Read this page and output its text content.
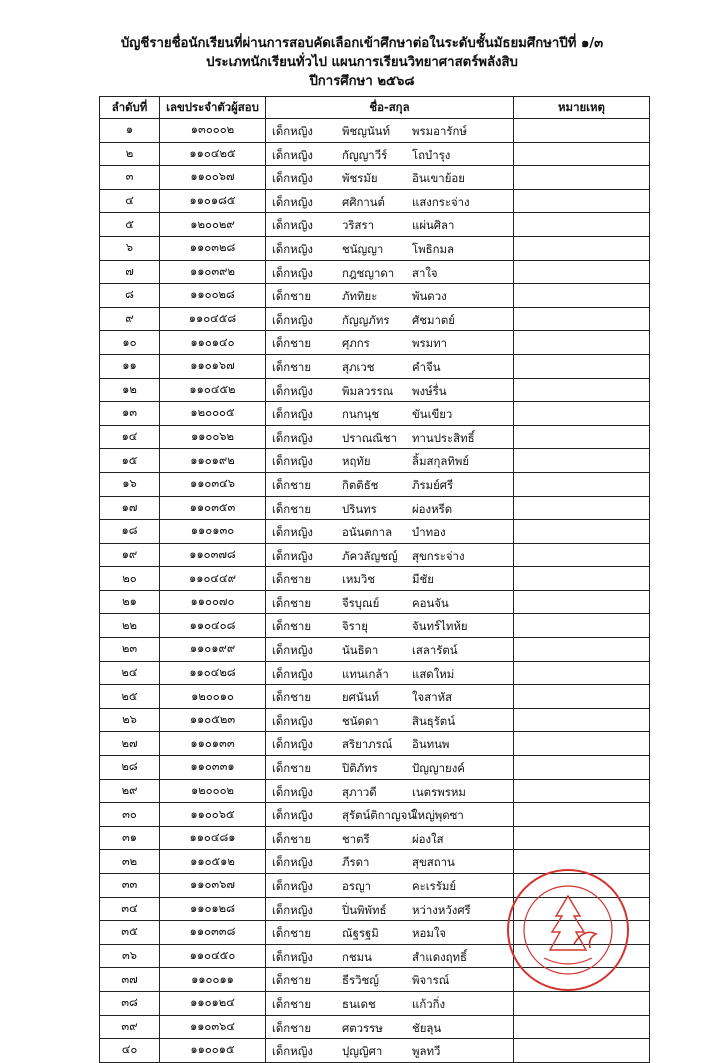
บัญชีรายชื่อนักเรียนที่ผ่านการสอบคัดเลือกเข้าศึกษาต่อในระดับชั้นมัธยมศึกษาปีที่ ๑/๓
ประเภทนักเรียนทั่วไป แผนการเรียนวิทยาศาสตร์พลังสิบ
ปีการศึกษา ๒๕๖๘
ลำดับที่	เลขประจำตัวผู้สอบ	ชื่อ-สกุล	หมายเหตุ
๑	๑๓๐๐๐๒	เด็กหญิง พิชญนันท์ พรมอารักษ์	

๒	๑๑๐๔๒๕	เด็กหญิง กัญญาวีร์ โถบำรุง	

๓	๑๑๐๐๖๗	เด็กหญิง พัชรมัย อินเขาย้อย	

๔	๑๑๐๑๘๕	เด็กหญิง ศศิกานต์ แสงกระจ่าง	

๕	๑๒๐๐๒๙	เด็กหญิง วริสรา แผ่นศิลา	

๖	๑๑๐๓๒๘	เด็กหญิง ชนัญญา โพธิกมล	

๗	๑๑๐๓๙๒	เด็กหญิง กฎชญาดา สาใจ	

๘	๑๑๐๐๒๘	เด็กชาย ภัททิยะ พันดวง	

๙	๑๑๐๔๕๘	เด็กหญิง กัญญภัทร ศัชมาตย์	

๑๐	๑๑๐๑๔๐	เด็กชาย ศุภกร พรมทา	

๑๑	๑๑๐๑๖๗	เด็กชาย สุภเวช คำจีน	

๑๒	๑๑๐๔๕๒	เด็กหญิง พิมลวรรณ พงษ์รื่น	

๑๓	๑๒๐๐๐๕	เด็กหญิง กนกนุช ขันเขียว	

๑๔	๑๑๐๐๖๒	เด็กหญิง ปราณณิชา ทานประสิทธิ์	

๑๕	๑๑๐๑๙๒	เด็กหญิง หฤทัย ลิ้มสกุลทิพย์	

๑๖	๑๑๐๓๔๖	เด็กชาย กิตติธัช ภิรมย์ศรี	

๑๗	๑๑๐๓๕๓	เด็กชาย ปรินทร ผ่องหรีด	

๑๘	๑๑๐๑๓๐	เด็กหญิง อนันตกาล บำทอง	

๑๙	๑๑๐๓๗๘	เด็กหญิง ภัควลัญชญ์ สุขกระจ่าง	

๒๐	๑๑๐๔๔๙	เด็กชาย เหมวิช มีชัย	

๒๑	๑๑๐๐๗๐	เด็กชาย จีรบุณย์ คอนจัน	

๒๒	๑๑๐๔๐๘	เด็กชาย จิรายุ จันทร์ไทห้ย	

๒๓	๑๑๐๑๙๙	เด็กหญิง นันธิดา เสลารัตน์	

๒๔	๑๑๐๔๒๘	เด็กหญิง แทนเกล้า แสดใหม่	

๒๕	๑๒๐๐๑๐	เด็กชาย ยศนันท์ ใจสาหัส	

๒๖	๑๑๐๕๒๓	เด็กหญิง ชนัดดา สินธุรัตน์	

๒๗	๑๑๐๑๓๓	เด็กหญิง สริยาภรณ์ อินทนพ	

๒๘	๑๑๐๓๓๑	เด็กชาย ปิติภัทร ปัญญายงค์	

๒๙	๑๒๐๐๐๒	เด็กหญิง สุภาวดี เนตรพรหม	

๓๐	๑๑๐๐๖๕	เด็กหญิง สุรัตน์ติกาญจน์
ใหญ่พุดซา	

๓๑	๑๑๐๔๘๑	เด็กชาย ชาตรี ผ่องใส	

๓๒	๑๑๐๕๑๒	เด็กหญิง ภีรดา สุขสถาน	

๓๓	๑๑๐๓๖๗	เด็กหญิง อรญา คะเรรัมย์	

๓๔	๑๑๐๑๒๘	เด็กหญิง ปิ่นพิพัทธ์ หว่างหวังศรี	

๓๕	๑๑๐๓๓๘	เด็กชาย ณัฐรฐมิ หอมใจ	

๓๖	๑๑๐๔๕๐	เด็กหญิง กชมน สำแดงฤทธิ์	

๓๗	๑๑๐๐๑๑	เด็กชาย ธีรวิชญ์ พิจารณ์	

๓๘	๑๑๐๑๒๔	เด็กชาย ธนเดช แก้วกิ่ง	

๓๙	๑๑๐๓๖๔	เด็กชาย ศตวรรษ ชัยลุน	

๔๐	๑๑๐๐๑๕	เด็กหญิง ปุญญิศา พูลทวี	
